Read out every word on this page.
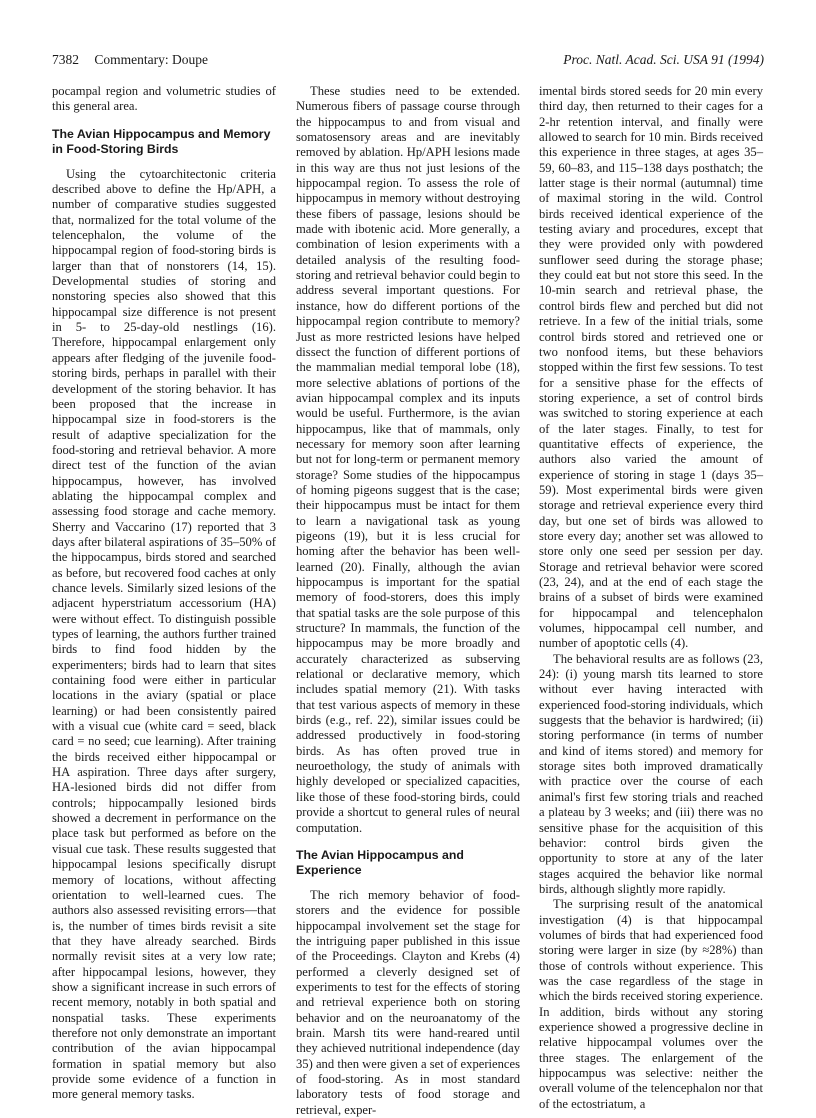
7382 Commentary: Doupe	Proc. Natl. Acad. Sci. USA 91 (1994)

pocampal region and volumetric studies of this general area.

The Avian Hippocampus and Memory in Food-Storing Birds

Using the cytoarchitectonic criteria described above to define the Hp/APH, a number of comparative studies suggested that, normalized for the total volume of the telencephalon, the volume of the hippocampal region of food-storing birds is larger than that of nonstorers (14, 15). Developmental studies of storing and nonstoring species also showed that this hippocampal size difference is not present in 5- to 25-day-old nestlings (16). Therefore, hippocampal enlargement only appears after fledging of the juvenile food-storing birds, perhaps in parallel with their development of the storing behavior. It has been proposed that the increase in hippocampal size in food-storers is the result of adaptive specialization for the food-storing and retrieval behavior. A more direct test of the function of the avian hippocampus, however, has involved ablating the hippocampal complex and assessing food storage and cache memory. Sherry and Vaccarino (17) reported that 3 days after bilateral aspirations of 35–50% of the hippocampus, birds stored and searched as before, but recovered food caches at only chance levels. Similarly sized lesions of the adjacent hyperstriatum accessorium (HA) were without effect. To distinguish possible types of learning, the authors further trained birds to find food hidden by the experimenters; birds had to learn that sites containing food were either in particular locations in the aviary (spatial or place learning) or had been consistently paired with a visual cue (white card = seed, black card = no seed; cue learning). After training the birds received either hippocampal or HA aspiration. Three days after surgery, HA-lesioned birds did not differ from controls; hippocampally lesioned birds showed a decrement in performance on the place task but performed as before on the visual cue task. These results suggested that hippocampal lesions specifically disrupt memory of locations, without affecting orientation to well-learned cues. The authors also assessed revisiting errors—that is, the number of times birds revisit a site that they have already searched. Birds normally revisit sites at a very low rate; after hippocampal lesions, however, they show a significant increase in such errors of recent memory, notably in both spatial and nonspatial tasks. These experiments therefore not only demonstrate an important contribution of the avian hippocampal formation in spatial memory but also provide some evidence of a function in more general memory tasks.

These studies need to be extended. Numerous fibers of passage course through the hippocampus to and from visual and somatosensory areas and are inevitably removed by ablation. Hp/APH lesions made in this way are thus not just lesions of the hippocampal region. To assess the role of hippocampus in memory without destroying these fibers of passage, lesions should be made with ibotenic acid. More generally, a combination of lesion experiments with a detailed analysis of the resulting food-storing and retrieval behavior could begin to address several important questions. For instance, how do different portions of the hippocampal region contribute to memory? Just as more restricted lesions have helped dissect the function of different portions of the mammalian medial temporal lobe (18), more selective ablations of portions of the avian hippocampal complex and its inputs would be useful. Furthermore, is the avian hippocampus, like that of mammals, only necessary for memory soon after learning but not for long-term or permanent memory storage? Some studies of the hippocampus of homing pigeons suggest that is the case; their hippocampus must be intact for them to learn a navigational task as young pigeons (19), but it is less crucial for homing after the behavior has been well-learned (20). Finally, although the avian hippocampus is important for the spatial memory of food-storers, does this imply that spatial tasks are the sole purpose of this structure? In mammals, the function of the hippocampus may be more broadly and accurately characterized as subserving relational or declarative memory, which includes spatial memory (21). With tasks that test various aspects of memory in these birds (e.g., ref. 22), similar issues could be addressed productively in food-storing birds. As has often proved true in neuroethology, the study of animals with highly developed or specialized capacities, like those of these food-storing birds, could provide a shortcut to general rules of neural computation.

The Avian Hippocampus and Experience

The rich memory behavior of food-storers and the evidence for possible hippocampal involvement set the stage for the intriguing paper published in this issue of the Proceedings. Clayton and Krebs (4) performed a cleverly designed set of experiments to test for the effects of storing and retrieval experience both on storing behavior and on the neuroanatomy of the brain. Marsh tits were hand-reared until they achieved nutritional independence (day 35) and then were given a set of experiences of food-storing. As in most standard laboratory tests of food storage and retrieval, exper-

imental birds stored seeds for 20 min every third day, then returned to their cages for a 2-hr retention interval, and finally were allowed to search for 10 min. Birds received this experience in three stages, at ages 35–59, 60–83, and 115–138 days posthatch; the latter stage is their normal (autumnal) time of maximal storing in the wild. Control birds received identical experience of the testing aviary and procedures, except that they were provided only with powdered sunflower seed during the storage phase; they could eat but not store this seed. In the 10-min search and retrieval phase, the control birds flew and perched but did not retrieve. In a few of the initial trials, some control birds stored and retrieved one or two nonfood items, but these behaviors stopped within the first few sessions. To test for a sensitive phase for the effects of storing experience, a set of control birds was switched to storing experience at each of the later stages. Finally, to test for quantitative effects of experience, the authors also varied the amount of experience of storing in stage 1 (days 35–59). Most experimental birds were given storage and retrieval experience every third day, but one set of birds was allowed to store every day; another set was allowed to store only one seed per session per day. Storage and retrieval behavior were scored (23, 24), and at the end of each stage the brains of a subset of birds were examined for hippocampal and telencephalon volumes, hippocampal cell number, and number of apoptotic cells (4).

The behavioral results are as follows (23, 24): (i) young marsh tits learned to store without ever having interacted with experienced food-storing individuals, which suggests that the behavior is hardwired; (ii) storing performance (in terms of number and kind of items stored) and memory for storage sites both improved dramatically with practice over the course of each animal's first few storing trials and reached a plateau by 3 weeks; and (iii) there was no sensitive phase for the acquisition of this behavior: control birds given the opportunity to store at any of the later stages acquired the behavior like normal birds, although slightly more rapidly.

The surprising result of the anatomical investigation (4) is that hippocampal volumes of birds that had experienced food storing were larger in size (by ≈28%) than those of controls without experience. This was the case regardless of the stage in which the birds received storing experience. In addition, birds without any storing experience showed a progressive decline in relative hippocampal volumes over the three stages. The enlargement of the hippocampus was selective: neither the overall volume of the telencephalon nor that of the ectostriatum, a
